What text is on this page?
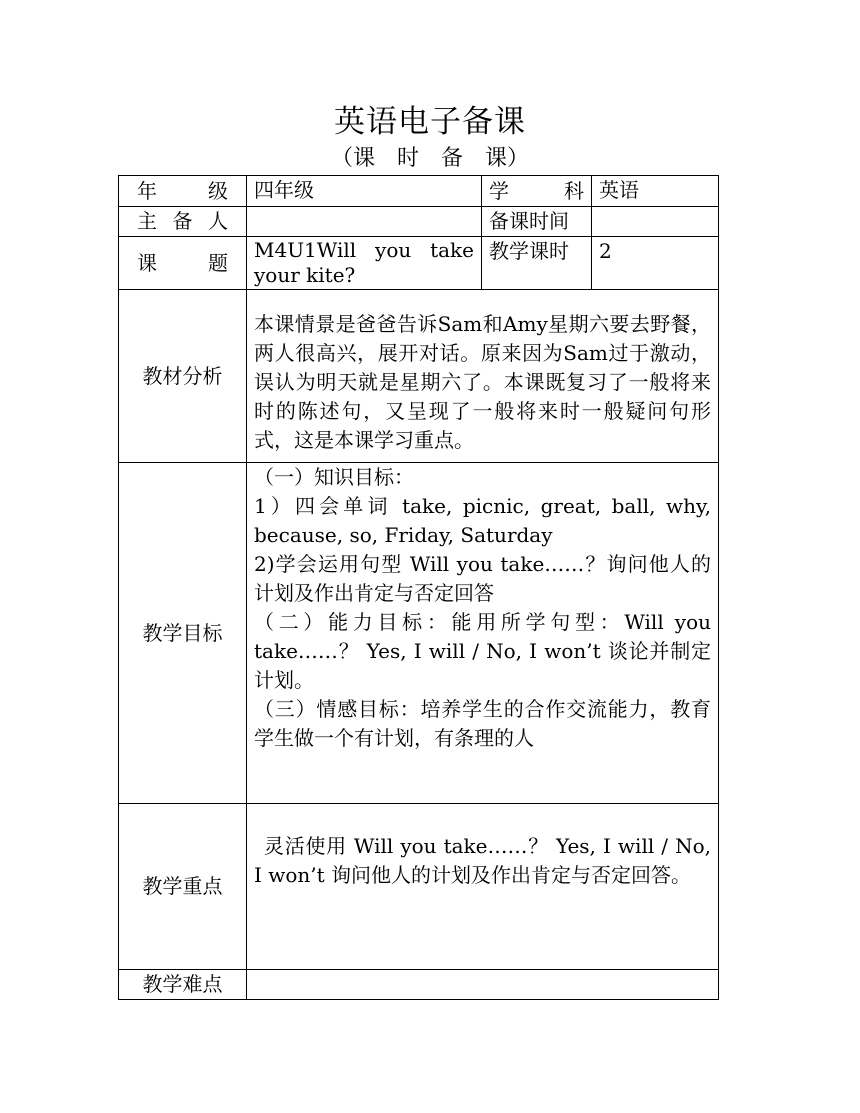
英语电子备课
（课　时　备　课）
年　　级	四年级	学　　科	英语
主 备 人		备课时间	
课　　题	M4U1Will you take your kite?	教学课时	2
教材分析	本课情景是爸爸告诉Sam和Amy星期六要去野餐，两人很高兴，展开对话。原来因为Sam过于激动，误认为明天就是星期六了。本课既复习了一般将来时的陈述句，又呈现了一般将来时一般疑问句形式，这是本课学习重点。		
教学目标	（一）知识目标：
1）四会单词 take, picnic, great, ball, why, because, so, Friday, Saturday
2)学会运用句型 Will you take……？询问他人的计划及作出肯定与否定回答
（二）能力目标：能用所学句型：Will you take……？ Yes, I will / No, I won’t 谈论并制定计划。
（三）情感目标：培养学生的合作交流能力，教育学生做一个有计划，有条理的人		

教学重点	灵活使用 Will you take……？ Yes, I will / No, I won’t 询问他人的计划及作出肯定与否定回答。		
教学难点			
